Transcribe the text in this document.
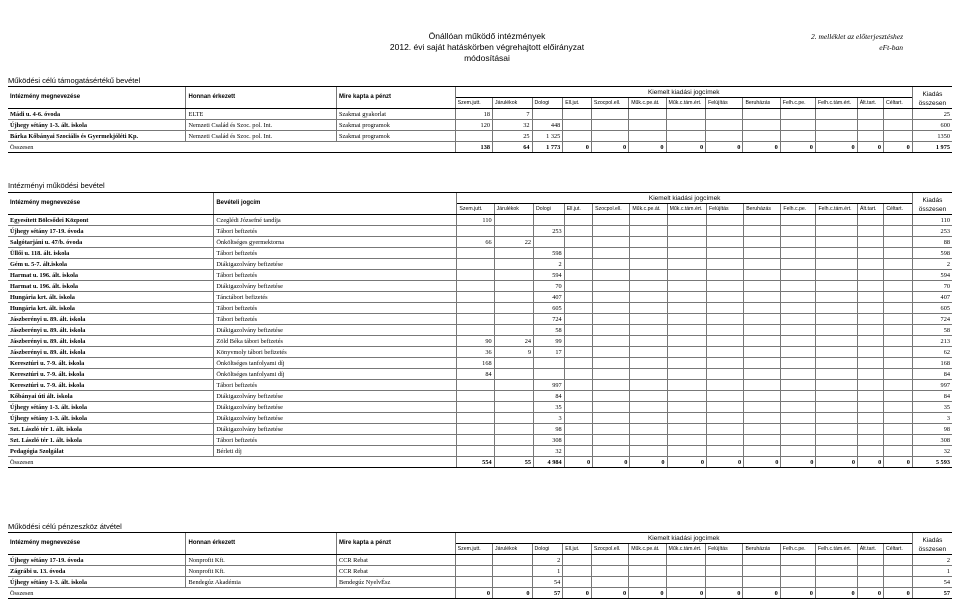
Önállóan működő intézmények
2012. évi saját hatáskörben végrehajtott előirányzat módosításai
2. melléklet az előterjesztéshez
eFt-ban
Működési célú támogatásértékű bevétel
Intézmény megnevezése	Honnan érkezett	Mire kapta a pénzt	Kiemelt kiadási jogcímek													Kiadás összesen
			Szem.jutt.	Járulékok	Dologi	Ell.jut.	Szocpol.ell.	Műk.c.pe.át.	Műk.c.tám.ért.	Felújítás	Beruházás	Felh.c.pe.	Felh.c.tám.ért.	Ált.tart.	Céltart.	
Mádi u. 4-6. óvoda	ELTE	Szakmai gyakorlat	18	7												25
Újhegy sétány 1-3. ált. iskola	Nemzeti Család és Szoc. pol. Int.	Szakmai programok	120	32	448											600
Bárka Kőbányai Szociális és Gyermekjóléti Kp.	Nemzeti Család és Szoc. pol. Int.	Szakmai programok		25	1 325											1350
Összesen			138	64	1 773	0	0	0	0	0	0	0	0	0	0	1 975
Intézményi működési bevétel
Intézmény megnevezése	Bevételi jogcím	Kiemelt kiadási jogcímek													Kiadás összesen
		Szem.jutt.	Járulékok	Dologi	Ell.jut.	Szocpol.ell.	Műk.c.pe.át.	Műk.c.tám.ért.	Felújítás	Beruházás	Felh.c.pe.	Felh.c.tám.ért.	Ált.tart.	Céltart.	
Egyesített Bölcsődei Központ	Czeglédi Józsefné tandíja	110													110
Újhegy sétány 17-19. óvoda	Tábori befizetés			253											253
Salgótarjáni u. 47/b. óvoda	Önköltséges gyermektorna	66	22												88
Üllői u. 118. ált. iskola	Tábori befizetés			598											598
Gém u. 5-7. ált.iskola	Diákigazolvány befizetése			2											2
Harmat u. 196. ált. iskola	Tábori befizetés			594											594
Harmat u. 196. ált. iskola	Diákigazolvány befizetése			70											70
Hungária krt. ált. iskola	Tánctábori befizetés			407											407
Hungária krt. ált. iskola	Tábori befizetés			605											605
Jászberényi u. 89. ált. iskola	Tábori befizetés			724											724
Jászberényi u. 89. ált. iskola	Diákigazolvány befizetése			58											58
Jászberényi u. 89. ált. iskola	Zöld Béka tábori befizetés	90	24	99											213
Jászberényi u. 89. ált. iskola	Könyvmoly tábori befizetés	36	9	17											62
Keresztúri u. 7-9. ált. iskola	Önköltséges tanfolyami díj	168													168
Keresztúri u. 7-9. ált. iskola	Önköltséges tanfolyami díj	84													84
Keresztúri u. 7-9. ált. iskola	Tábori befizetés			997											997
Kőbányai úti ált. iskola	Diákigazolvány befizetése			84											84
Újhegy sétány 1-3. ált. iskola	Diákigazolvány befizetése			35											35
Újhegy sétány 1-3. ált. iskola	Diákigazolvány befizetése			3											3
Szt. László tér 1. ált. iskola	Diákigazolvány befizetése			98											98
Szt. László tér 1. ált. iskola	Tábori befizetés			308											308
Pedagógia Szolgálat	Bérleti díj			32											32
Összesen		554	55	4 984	0	0	0	0	0	0	0	0	0	0	5 593
Működési célú pénzeszköz átvétel
Intézmény megnevezése	Honnan érkezett	Mire kapta a pénzt	Kiemelt kiadási jogcímek													Kiadás összesen
			Szem.jutt.	Járulékok	Dologi	Ell.jut.	Szocpol.ell.	Műk.c.pe.át.	Műk.c.tám.ért.	Felújítás	Beruházás	Felh.c.pe.	Felh.c.tám.ért.	Ált.tart.	Céltart.	
Újhegy sétány 17-19. óvoda	Nonprofit Kft.	CCR Rebat			2											2
Zágrábi u. 13. óvoda	Nonprofit Kft.	CCR Rebat			1											1
Újhegy sétány 1-3. ált. iskola	Bendegúz Akadémia	Bendegúz NyelvÉsz			54											54
Összesen			0	0	57	0	0	0	0	0	0	0	0	0	0	57
